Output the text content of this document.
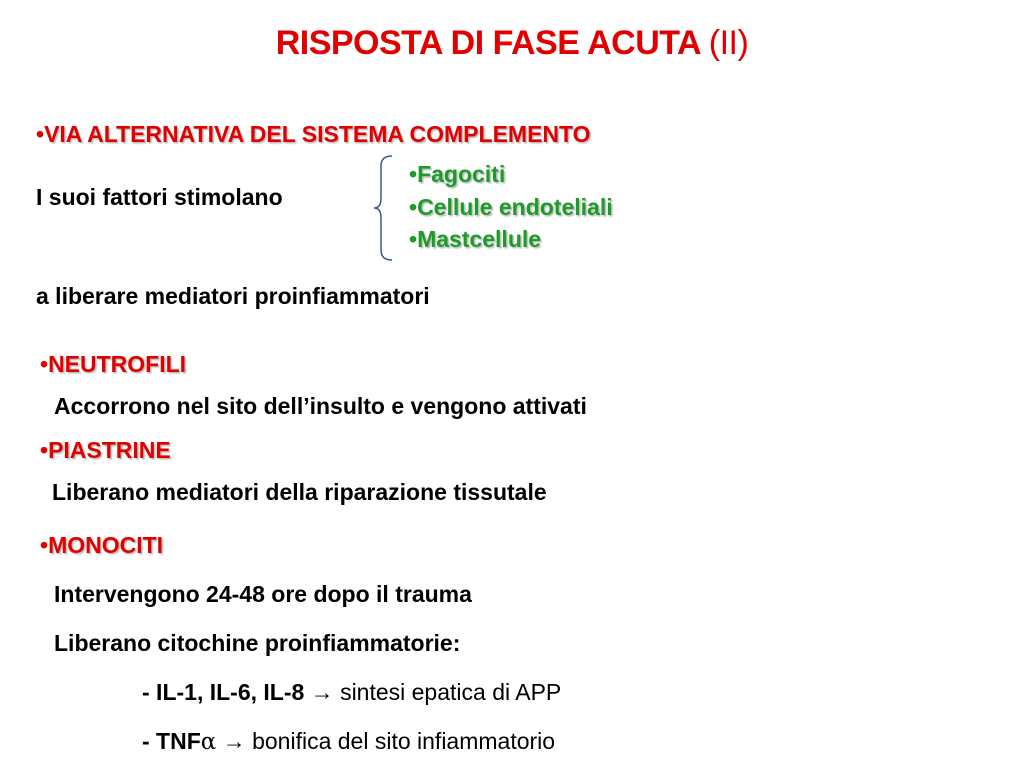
RISPOSTA DI FASE ACUTA (II)
•VIA ALTERNATIVA DEL SISTEMA COMPLEMENTO
I suoi fattori stimolano
•Fagociti
•Cellule endoteliali
•Mastcellule
a liberare mediatori proinfiammatori
•NEUTROFILI
Accorrono nel sito dell’insulto e vengono attivati
•PIASTRINE
Liberano mediatori della riparazione tissutale
•MONOCITI
Intervengono 24-48 ore dopo il trauma
Liberano citochine proinfiammatorie:
- IL-1, IL-6, IL-8 → sintesi epatica di APP
- TNFα → bonifica del sito infiammatorio
